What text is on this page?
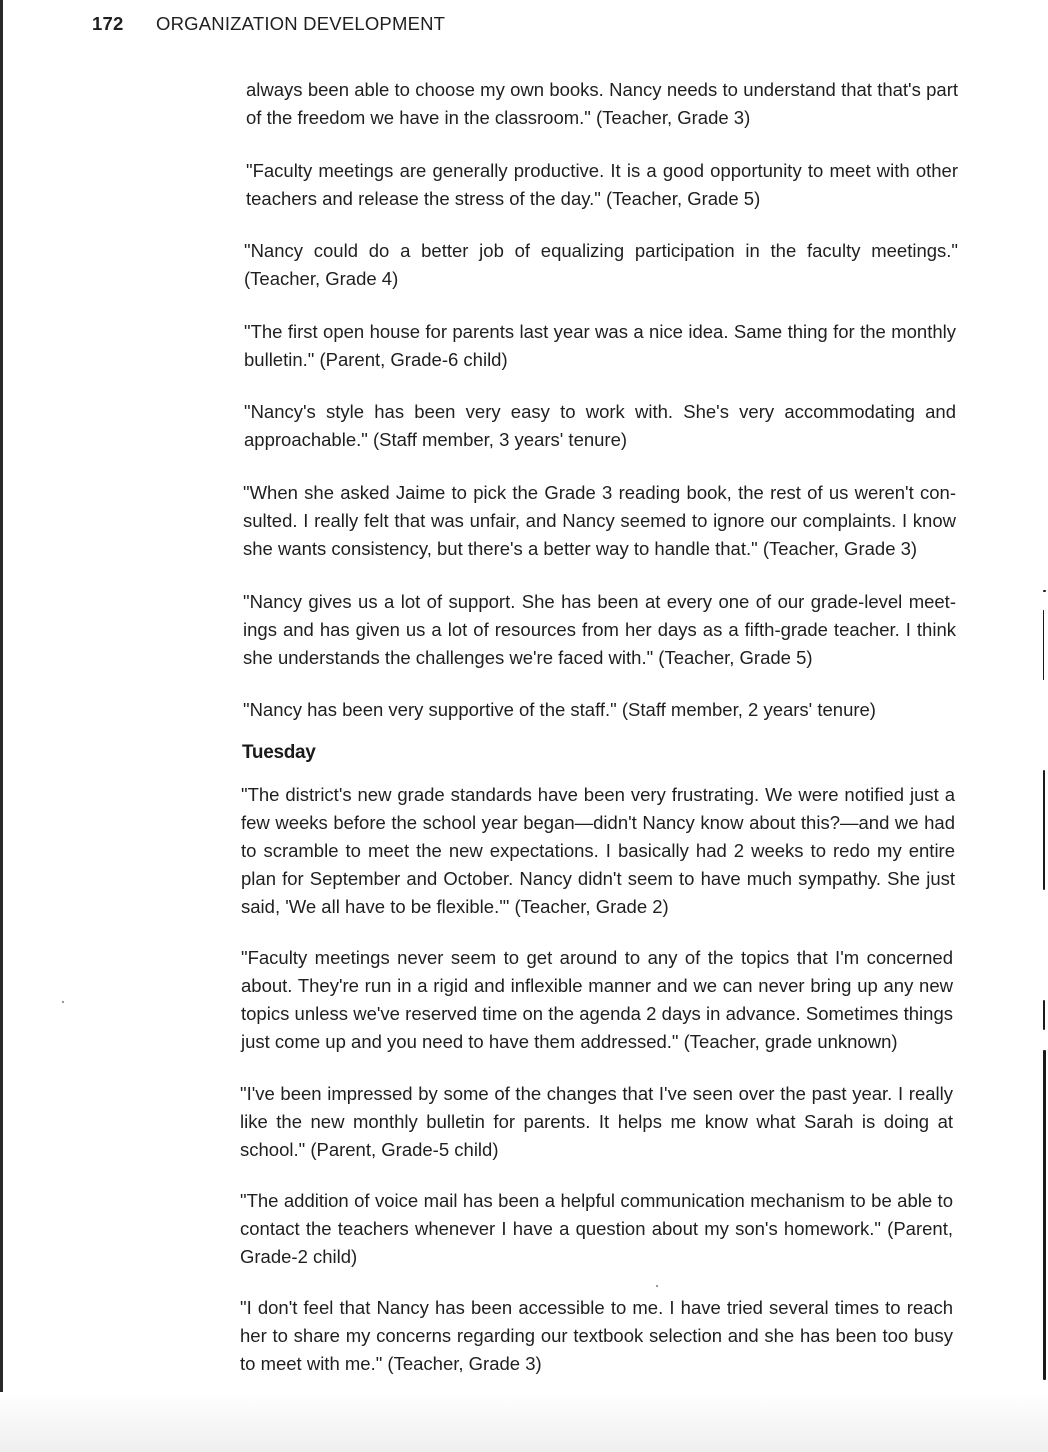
172 ORGANIZATION DEVELOPMENT

always been able to choose my own books. Nancy needs to understand that that's part of the freedom we have in the classroom." (Teacher, Grade 3)

"Faculty meetings are generally productive. It is a good opportunity to meet with other teachers and release the stress of the day." (Teacher, Grade 5)

"Nancy could do a better job of equalizing participation in the faculty meetings." (Teacher, Grade 4)

"The first open house for parents last year was a nice idea. Same thing for the monthly bulletin." (Parent, Grade-6 child)

"Nancy's style has been very easy to work with. She's very accommodating and approachable." (Staff member, 3 years' tenure)

"When she asked Jaime to pick the Grade 3 reading book, the rest of us weren't con-sulted. I really felt that was unfair, and Nancy seemed to ignore our complaints. I know she wants consistency, but there's a better way to handle that." (Teacher, Grade 3)

"Nancy gives us a lot of support. She has been at every one of our grade-level meet-ings and has given us a lot of resources from her days as a fifth-grade teacher. I think she understands the challenges we're faced with." (Teacher, Grade 5)

"Nancy has been very supportive of the staff." (Staff member, 2 years' tenure)

Tuesday

"The district's new grade standards have been very frustrating. We were notified just a few weeks before the school year began—didn't Nancy know about this?—and we had to scramble to meet the new expectations. I basically had 2 weeks to redo my entire plan for September and October. Nancy didn't seem to have much sympathy. She just said, 'We all have to be flexible.'" (Teacher, Grade 2)

"Faculty meetings never seem to get around to any of the topics that I'm concerned about. They're run in a rigid and inflexible manner and we can never bring up any new topics unless we've reserved time on the agenda 2 days in advance. Sometimes things just come up and you need to have them addressed." (Teacher, grade unknown)

"I've been impressed by some of the changes that I've seen over the past year. I really like the new monthly bulletin for parents. It helps me know what Sarah is doing at school." (Parent, Grade-5 child)

"The addition of voice mail has been a helpful communication mechanism to be able to contact the teachers whenever I have a question about my son's homework." (Parent, Grade-2 child)

"I don't feel that Nancy has been accessible to me. I have tried several times to reach her to share my concerns regarding our textbook selection and she has been too busy to meet with me." (Teacher, Grade 3)
